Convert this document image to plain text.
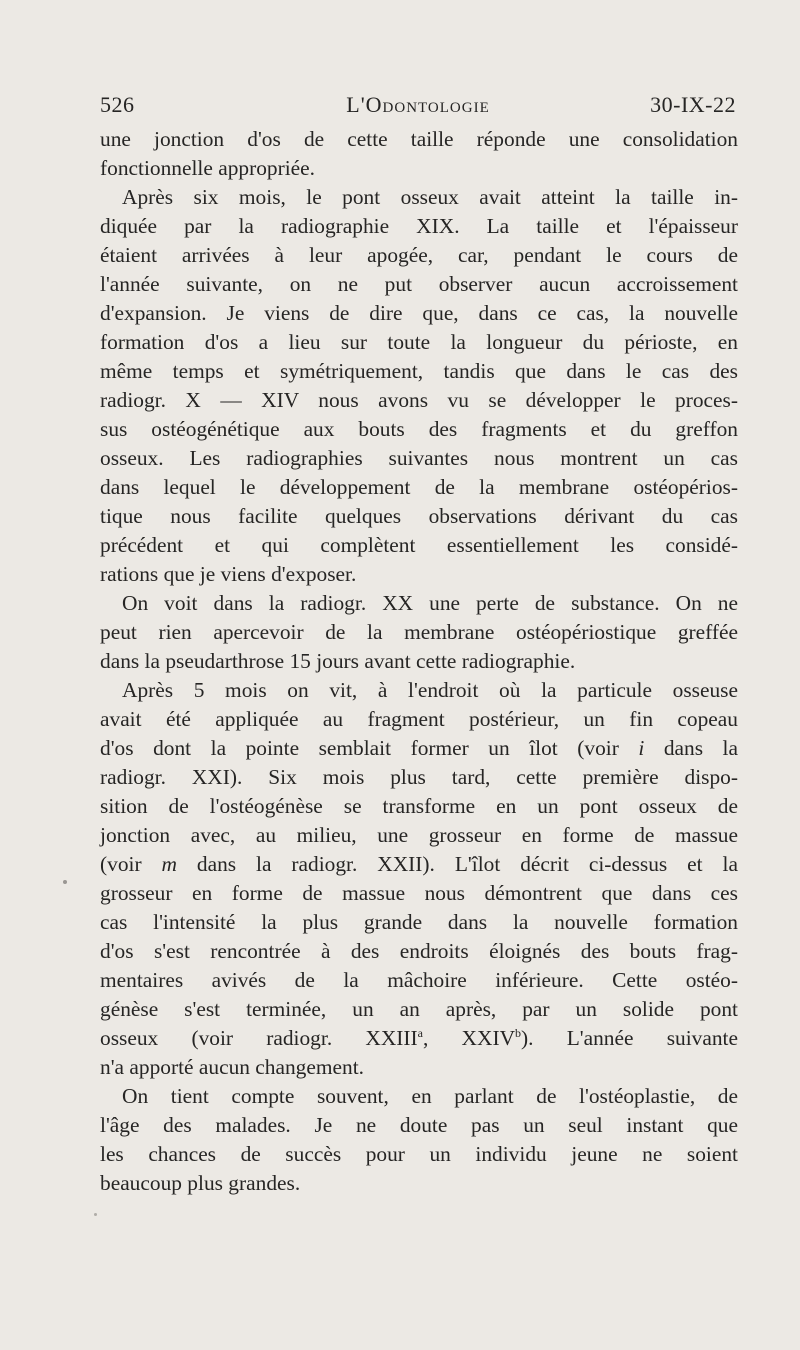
526	L'Odontologie	30-IX-22
une jonction d'os de cette taille réponde une consolidation
fonctionnelle appropriée.
Après six mois, le pont osseux avait atteint la taille in-
diquée par la radiographie XIX. La taille et l'épaisseur
étaient arrivées à leur apogée, car, pendant le cours de
l'année suivante, on ne put observer aucun accroissement
d'expansion. Je viens de dire que, dans ce cas, la nouvelle
formation d'os a lieu sur toute la longueur du périoste, en
même temps et symétriquement, tandis que dans le cas des
radiogr. X — XIV nous avons vu se développer le proces-
sus ostéogénétique aux bouts des fragments et du greffon
osseux. Les radiographies suivantes nous montrent un cas
dans lequel le développement de la membrane ostéopérios-
tique nous facilite quelques observations dérivant du cas
précédent et qui complètent essentiellement les considé-
rations que je viens d'exposer.
On voit dans la radiogr. XX une perte de substance. On ne
peut rien apercevoir de la membrane ostéopériostique greffée
dans la pseudarthrose 15 jours avant cette radiographie.
Après 5 mois on vit, à l'endroit où la particule osseuse
avait été appliquée au fragment postérieur, un fin copeau
d'os dont la pointe semblait former un îlot (voir i dans la
radiogr. XXI). Six mois plus tard, cette première dispo-
sition de l'ostéogénèse se transforme en un pont osseux de
jonction avec, au milieu, une grosseur en forme de massue
(voir m dans la radiogr. XXII). L'îlot décrit ci-dessus et la
grosseur en forme de massue nous démontrent que dans ces
cas l'intensité la plus grande dans la nouvelle formation
d'os s'est rencontrée à des endroits éloignés des bouts frag-
mentaires avivés de la mâchoire inférieure. Cette ostéo-
génèse s'est terminée, un an après, par un solide pont
osseux (voir radiogr. XXIII$^a$, XXIV$^b$). L'année suivante
n'a apporté aucun changement.
On tient compte souvent, en parlant de l'ostéoplastie, de
l'âge des malades. Je ne doute pas un seul instant que
les chances de succès pour un individu jeune ne soient
beaucoup plus grandes.
